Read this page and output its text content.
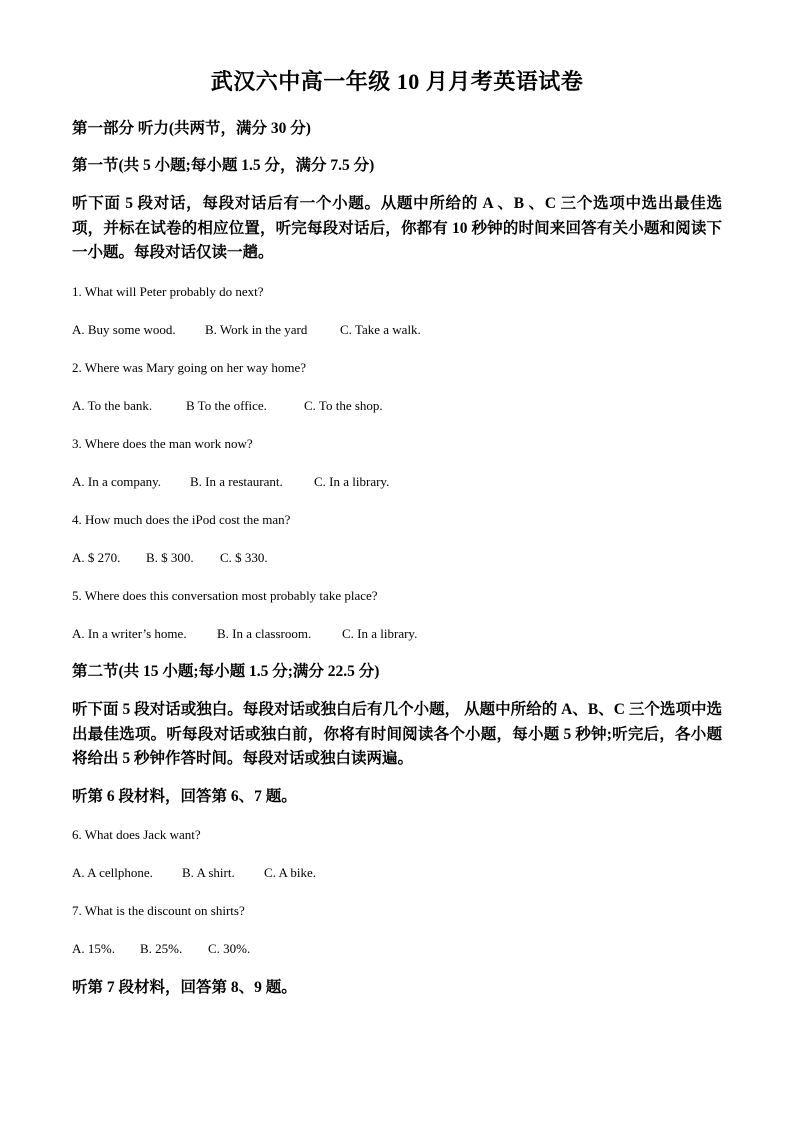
武汉六中高一年级 10 月月考英语试卷
第一部分 听力(共两节，满分 30 分)
第一节(共 5 小题;每小题 1.5 分，满分 7.5 分)
听下面 5 段对话，每段对话后有一个小题。从题中所给的 A 、B 、C 三个选项中选出最佳选项，并标在试卷的相应位置，听完每段对话后，你都有 10 秒钟的时间来回答有关小题和阅读下一小题。每段对话仅读一趟。
1. What will Peter probably do next?
A. Buy some wood. B. Work in the yard	C. Take a walk.
2. Where was Mary going on her way home?
A. To the bank.	B To the office.	C. To the shop.
3. Where does the man work now?
A. In a company. B. In a restaurant. C. In a library.
4. How much does the iPod cost the man?
A. $ 270. B. $ 300. C. $ 330.
5. Where does this conversation most probably take place?
A. In a writer’s home. B. In a classroom. C. In a library.
第二节(共 15 小题;每小题 1.5 分;满分 22.5 分)
听下面 5 段对话或独白。每段对话或独白后有几个小题， 从题中所给的 A、B、C 三个选项中选出最佳选项。听每段对话或独白前，你将有时间阅读各个小题，每小题 5 秒钟;听完后，各小题将给出 5 秒钟作答时间。每段对话或独白读两遍。
听第 6 段材料，回答第 6、7 题。
6. What does Jack want?
A. A cellphone. B. A shirt. C. A bike.
7. What is the discount on shirts?
A. 15%. B. 25%. C. 30%.
听第 7 段材料，回答第 8、9 题。
